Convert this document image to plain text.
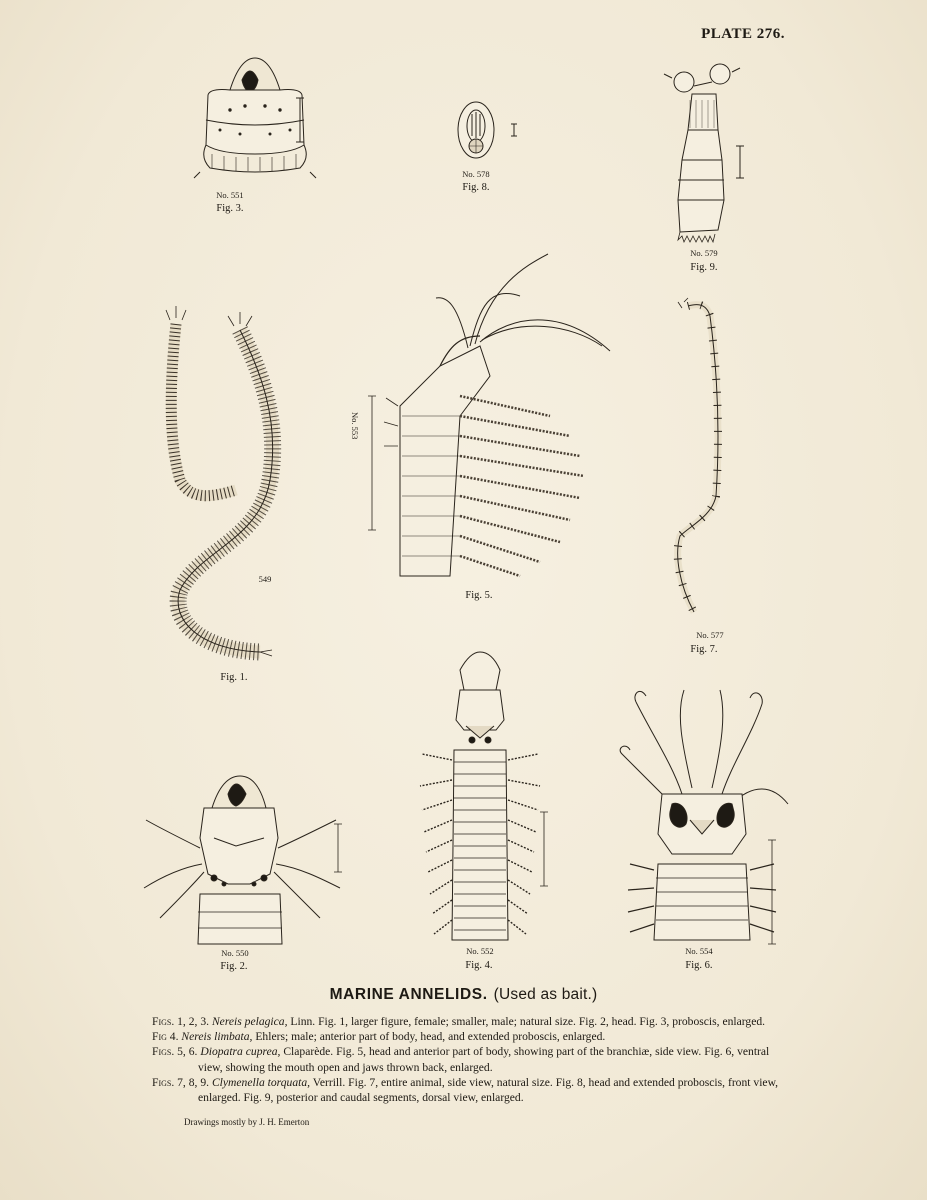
PLATE 276.
No. 551
Fig. 3.
No. 578
Fig. 8.
No. 579
Fig. 9.
549
Fig. 1.
No. 553
Fig. 5.
No. 577
Fig. 7.
No. 550
Fig. 2.
No. 552
Fig. 4.
No. 554
Fig. 6.
MARINE ANNELIDS. (Used as bait.)

Figs. 1, 2, 3. Nereis pelagica, Linn. Fig. 1, larger figure, female; smaller, male; natural size. Fig. 2, head. Fig. 3, proboscis, enlarged.

Fig 4. Nereis limbata, Ehlers; male; anterior part of body, head, and extended proboscis, enlarged.

Figs. 5, 6. Diopatra cuprea, Claparède. Fig. 5, head and anterior part of body, showing part of the branchiæ, side view. Fig. 6, ventral view, showing the mouth open and jaws thrown back, enlarged.

Figs. 7, 8, 9. Clymenella torquata, Verrill. Fig. 7, entire animal, side view, natural size. Fig. 8, head and extended proboscis, front view, enlarged. Fig. 9, posterior and caudal segments, dorsal view, enlarged.

Drawings mostly by J. H. Emerton
